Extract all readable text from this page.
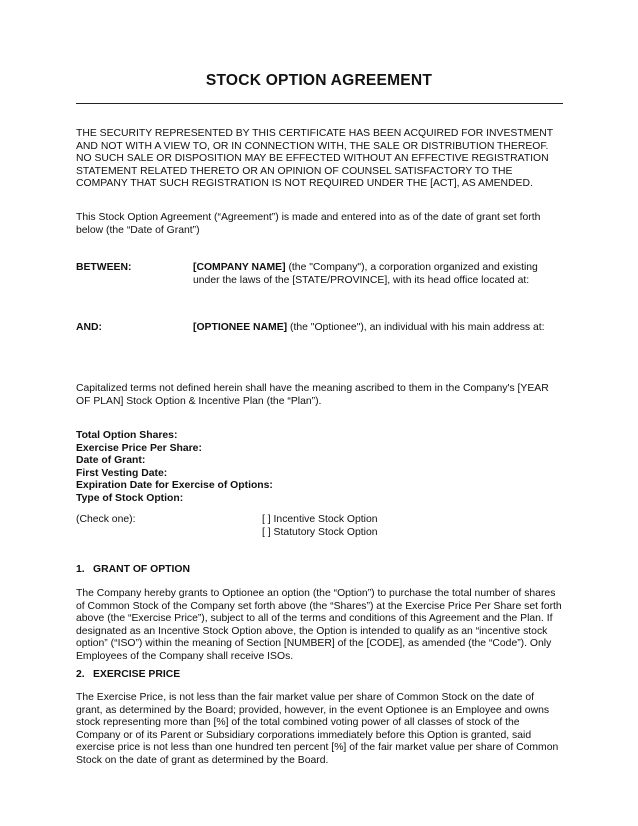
STOCK OPTION AGREEMENT
THE SECURITY REPRESENTED BY THIS CERTIFICATE HAS BEEN ACQUIRED FOR INVESTMENT
AND NOT WITH A VIEW TO, OR IN CONNECTION WITH, THE SALE OR DISTRIBUTION THEREOF.
NO SUCH SALE OR DISPOSITION MAY BE EFFECTED WITHOUT AN EFFECTIVE REGISTRATION
STATEMENT RELATED THERETO OR AN OPINION OF COUNSEL SATISFACTORY TO THE
COMPANY THAT SUCH REGISTRATION IS NOT REQUIRED UNDER THE [ACT], AS AMENDED.
This Stock Option Agreement (“Agreement”) is made and entered into as of the date of grant set forth
below (the “Date of Grant”)
BETWEEN:	[COMPANY NAME] (the "Company"), a corporation organized and existing
under the laws of the [STATE/PROVINCE], with its head office located at:
AND:	[OPTIONEE NAME] (the "Optionee"), an individual with his main address at:
Capitalized terms not defined herein shall have the meaning ascribed to them in the Company's [YEAR
OF PLAN] Stock Option & Incentive Plan (the “Plan”).
Total Option Shares:
Exercise Price Per Share:
Date of Grant:
First Vesting Date:
Expiration Date for Exercise of Options:
Type of Stock Option:
(Check one):	[ ] Incentive Stock Option
[ ] Statutory Stock Option
1. GRANT OF OPTION
The Company hereby grants to Optionee an option (the “Option”) to purchase the total number of shares
of Common Stock of the Company set forth above (the “Shares”) at the Exercise Price Per Share set forth
above (the “Exercise Price”), subject to all of the terms and conditions of this Agreement and the Plan. If
designated as an Incentive Stock Option above, the Option is intended to qualify as an “incentive stock
option” (“ISO”) within the meaning of Section [NUMBER] of the [CODE], as amended (the “Code”). Only
Employees of the Company shall receive ISOs.
2. EXERCISE PRICE
The Exercise Price, is not less than the fair market value per share of Common Stock on the date of
grant, as determined by the Board; provided, however, in the event Optionee is an Employee and owns
stock representing more than [%] of the total combined voting power of all classes of stock of the
Company or of its Parent or Subsidiary corporations immediately before this Option is granted, said
exercise price is not less than one hundred ten percent [%] of the fair market value per share of Common
Stock on the date of grant as determined by the Board.
